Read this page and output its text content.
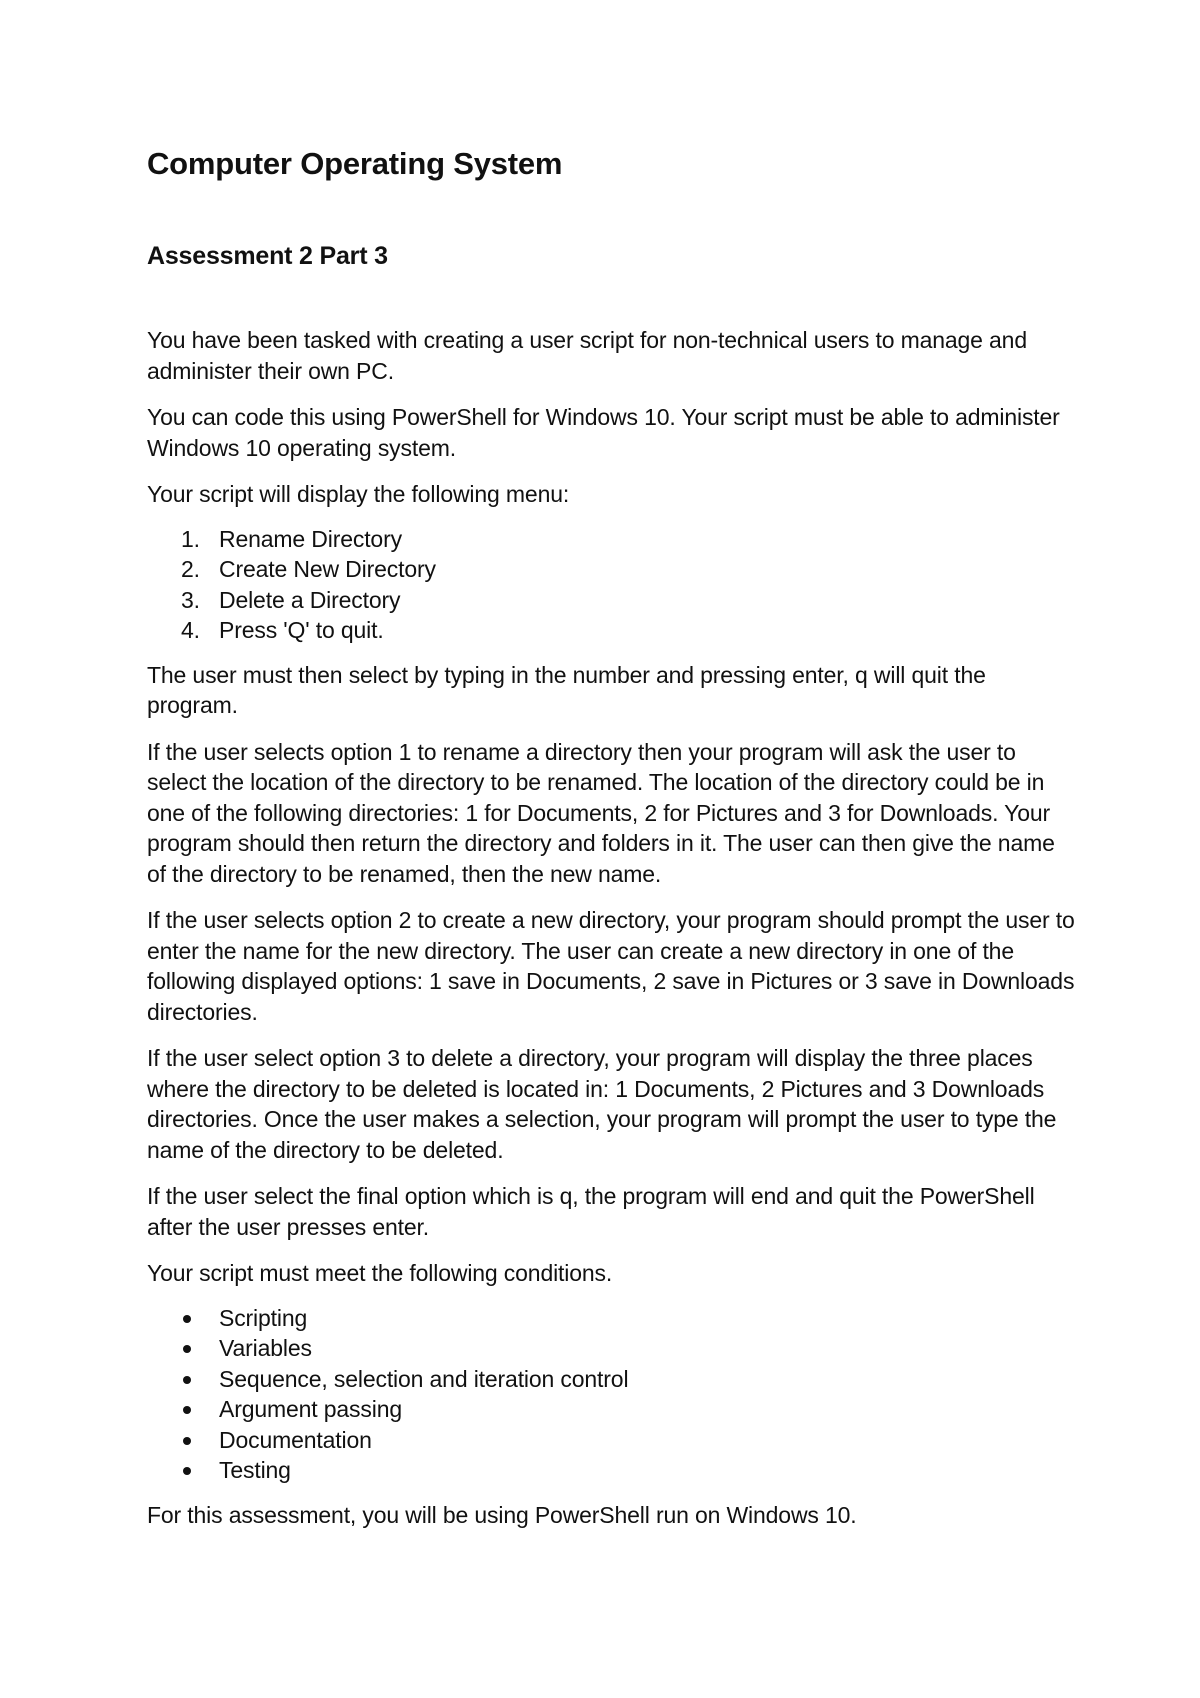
Computer Operating System
Assessment 2 Part 3

You have been tasked with creating a user script for non-technical users to manage and administer their own PC.

You can code this using PowerShell for Windows 10. Your script must be able to administer Windows 10 operating system.

Your script will display the following menu:

1. Rename Directory
2. Create New Directory
3. Delete a Directory
4. Press 'Q' to quit.

The user must then select by typing in the number and pressing enter, q will quit the program.

If the user selects option 1 to rename a directory then your program will ask the user to select the location of the directory to be renamed. The location of the directory could be in one of the following directories: 1 for Documents, 2 for Pictures and 3 for Downloads. Your program should then return the directory and folders in it. The user can then give the name of the directory to be renamed, then the new name.

If the user selects option 2 to create a new directory, your program should prompt the user to enter the name for the new directory. The user can create a new directory in one of the following displayed options: 1 save in Documents, 2 save in Pictures or 3 save in Downloads directories.

If the user select option 3 to delete a directory, your program will display the three places where the directory to be deleted is located in: 1 Documents, 2 Pictures and 3 Downloads directories. Once the user makes a selection, your program will prompt the user to type the name of the directory to be deleted.

If the user select the final option which is q, the program will end and quit the PowerShell after the user presses enter.

Your script must meet the following conditions.

Scripting
Variables
Sequence, selection and iteration control
Argument passing
Documentation
Testing

For this assessment, you will be using PowerShell run on Windows 10.
